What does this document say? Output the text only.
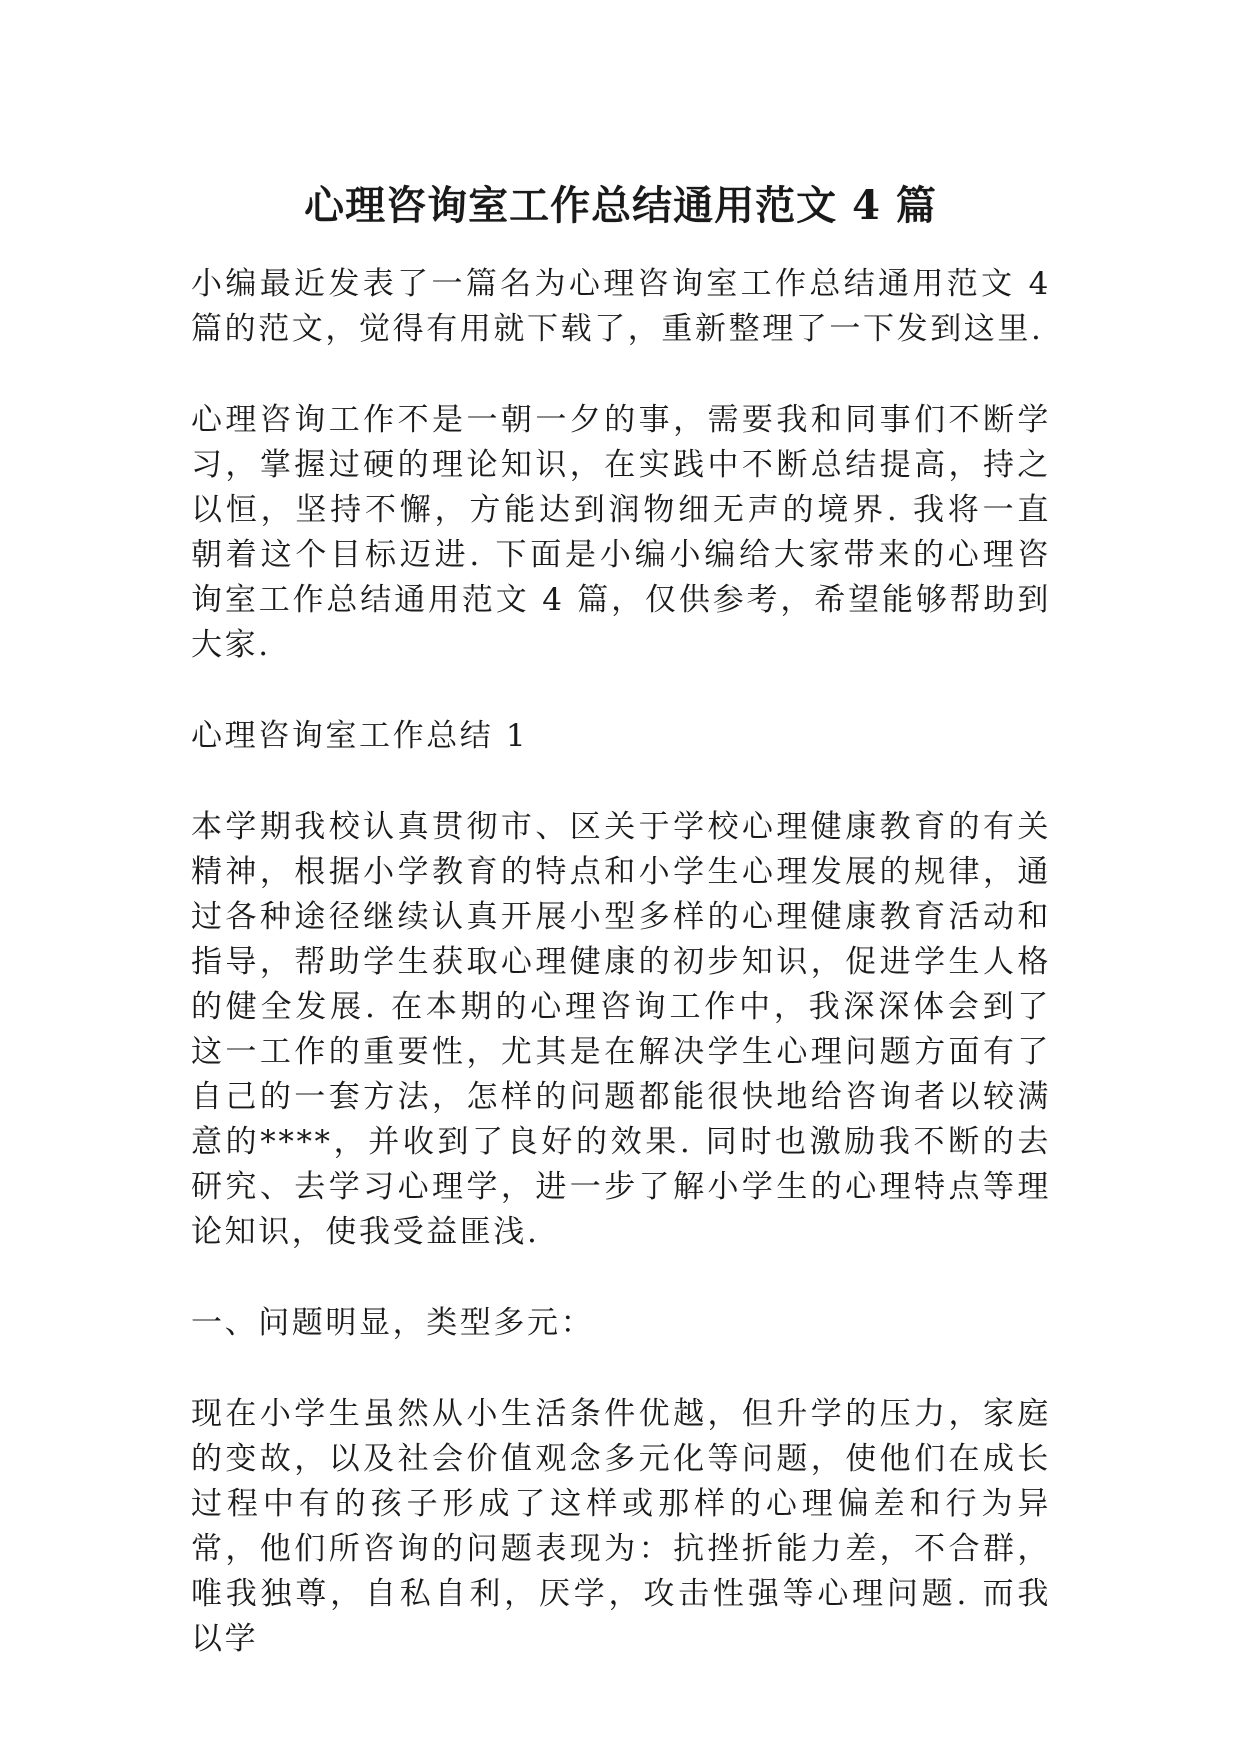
心理咨询室工作总结通用范文 4 篇

小编最近发表了一篇名为心理咨询室工作总结通用范文 4 篇的范文，觉得有用就下载了，重新整理了一下发到这里.

心理咨询工作不是一朝一夕的事，需要我和同事们不断学习，掌握过硬的理论知识，在实践中不断总结提高，持之以恒，坚持不懈，方能达到润物细无声的境界. 我将一直朝着这个目标迈进. 下面是小编小编给大家带来的心理咨询室工作总结通用范文 4 篇，仅供参考，希望能够帮助到大家.

心理咨询室工作总结 1

本学期我校认真贯彻市、区关于学校心理健康教育的有关精神，根据小学教育的特点和小学生心理发展的规律，通过各种途径继续认真开展小型多样的心理健康教育活动和指导，帮助学生获取心理健康的初步知识，促进学生人格的健全发展. 在本期的心理咨询工作中，我深深体会到了这一工作的重要性，尤其是在解决学生心理问题方面有了自己的一套方法，怎样的问题都能很快地给咨询者以较满意的****，并收到了良好的效果. 同时也激励我不断的去研究、去学习心理学，进一步了解小学生的心理特点等理论知识，使我受益匪浅.

一、问题明显，类型多元：

现在小学生虽然从小生活条件优越，但升学的压力，家庭的变故，以及社会价值观念多元化等问题，使他们在成长过程中有的孩子形成了这样或那样的心理偏差和行为异常，他们所咨询的问题表现为：抗挫折能力差，不合群，唯我独尊，自私自利，厌学，攻击性强等心理问题. 而我以学
